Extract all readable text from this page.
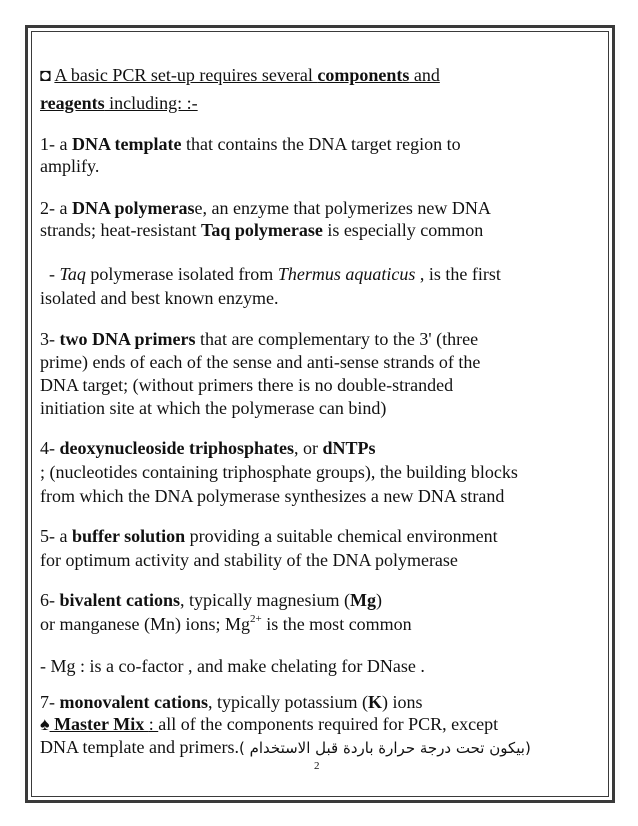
◘ A basic PCR set-up requires several components and
reagents including: :-
1- a DNA template that contains the DNA target region to
amplify.
2- a DNA polymerase, an enzyme that polymerizes new DNA
strands; heat-resistant Taq polymerase is especially common
- Taq polymerase isolated from Thermus aquaticus , is the first
isolated and best known enzyme.
3- two DNA primers that are complementary to the 3' (three
prime) ends of each of the sense and anti-sense strands of the
DNA target; (without primers there is no double-stranded
initiation site at which the polymerase can bind)
4- deoxynucleoside triphosphates, or dNTPs
; (nucleotides containing triphosphate groups), the building blocks
from which the DNA polymerase synthesizes a new DNA strand
5- a buffer solution providing a suitable chemical environment
for optimum activity and stability of the DNA polymerase
6- bivalent cations, typically magnesium (Mg)
or manganese (Mn) ions; $Mg^{2+}$ is the most common
- Mg : is a co-factor , and make chelating for DNase .
7- monovalent cations, typically potassium (K) ions
♠ Master Mix : all of the components required for PCR, except
DNA template and primers.(بيكون تحت درجة حرارة باردة قبل الاستخدام )
2
